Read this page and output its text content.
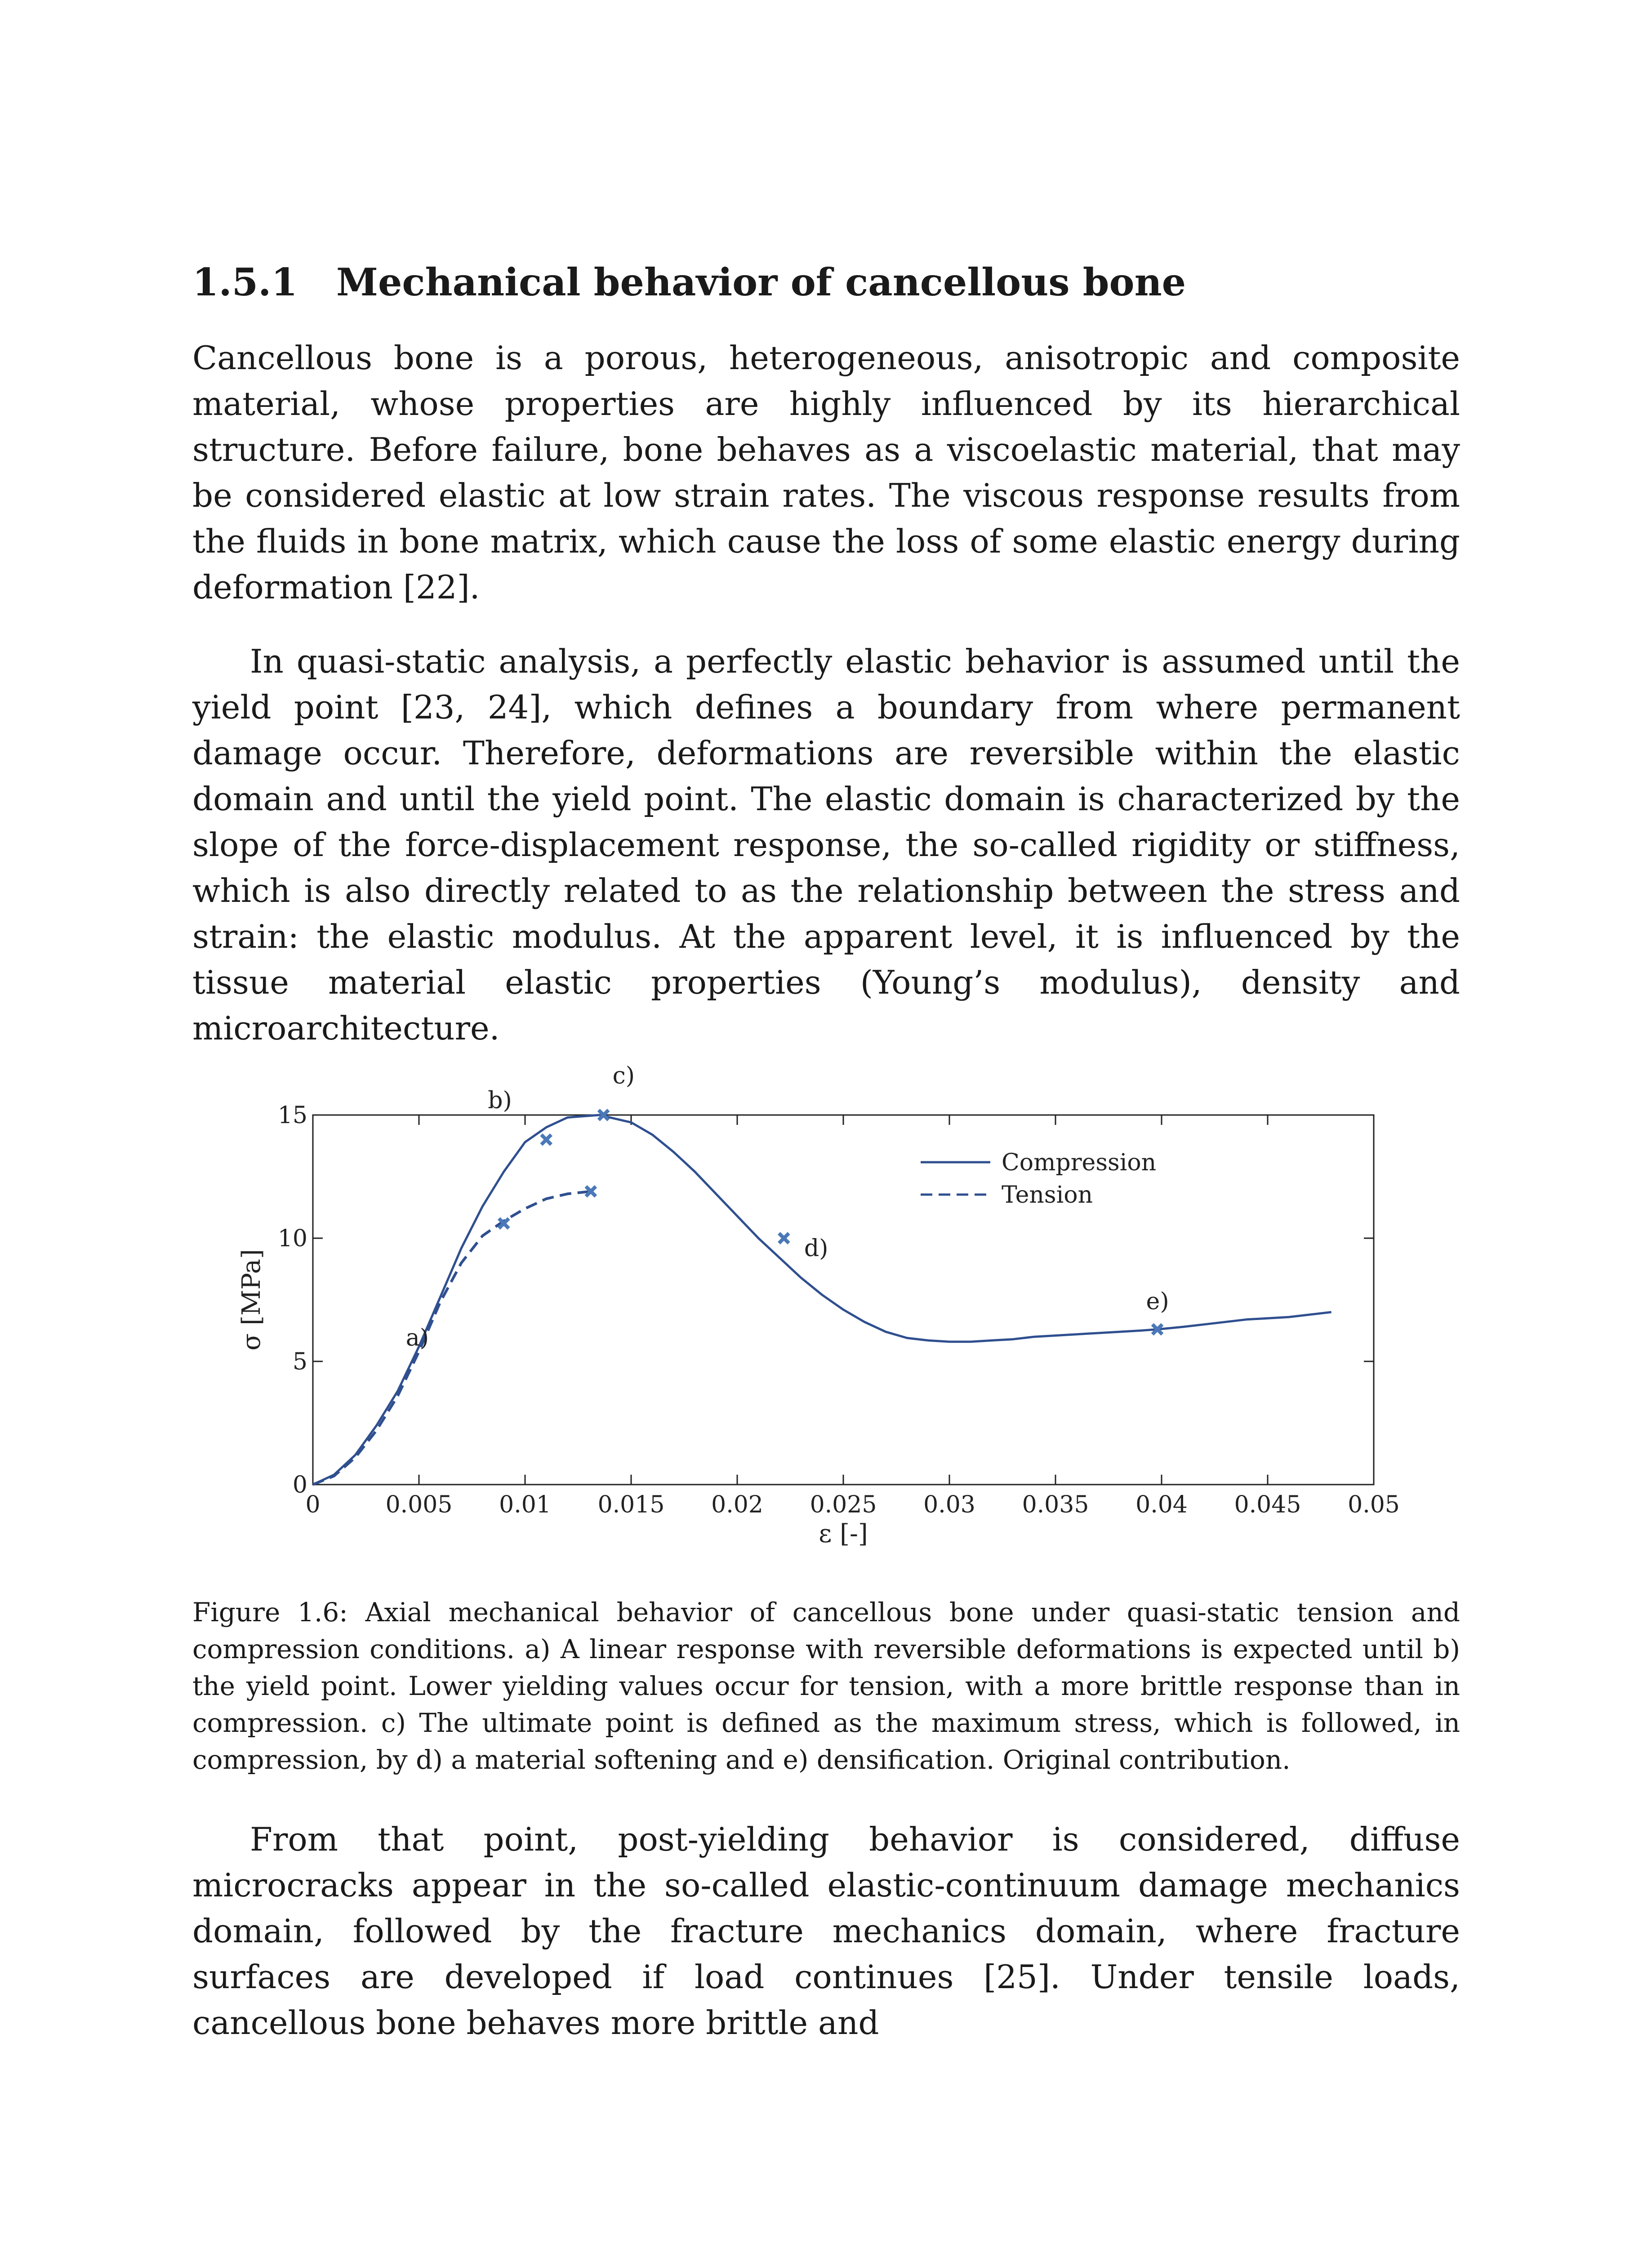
1.5.1 Mechanical behavior of cancellous bone

Cancellous bone is a porous, heterogeneous, anisotropic and composite material, whose properties are highly influenced by its hierarchical structure. Before failure, bone behaves as a viscoelastic material, that may be considered elastic at low strain rates. The viscous response results from the fluids in bone matrix, which cause the loss of some elastic energy during deformation [22].

In quasi-static analysis, a perfectly elastic behavior is assumed until the yield point [23, 24], which defines a boundary from where permanent damage occur. Therefore, deformations are reversible within the elastic domain and until the yield point. The elastic domain is characterized by the slope of the force-displacement response, the so-called rigidity or stiffness, which is also directly related to as the relationship between the stress and strain: the elastic modulus. At the apparent level, it is influenced by the tissue material elastic properties (Young’s modulus), density and microarchitecture.

0	0.005 0.01 0.015 0.02 0.025 0.03 0.035 0.04 0.045 0.05
0
5
10
15
ε [-]
σ [MPa]	a)
b)
c)
d)
e)
Compression
Tension

Figure 1.6: Axial mechanical behavior of cancellous bone under quasi-static tension and compression conditions. a) A linear response with reversible deformations is expected until b) the yield point. Lower yielding values occur for tension, with a more brittle response than in compression. c) The ultimate point is defined as the maximum stress, which is followed, in compression, by d) a material softening and e) densification. Original contribution.

From that point, post-yielding behavior is considered, diffuse microcracks appear in the so-called elastic-continuum damage mechanics domain, followed by the fracture mechanics domain, where fracture surfaces are developed if load continues [25]. Under tensile loads, cancellous bone behaves more brittle and
